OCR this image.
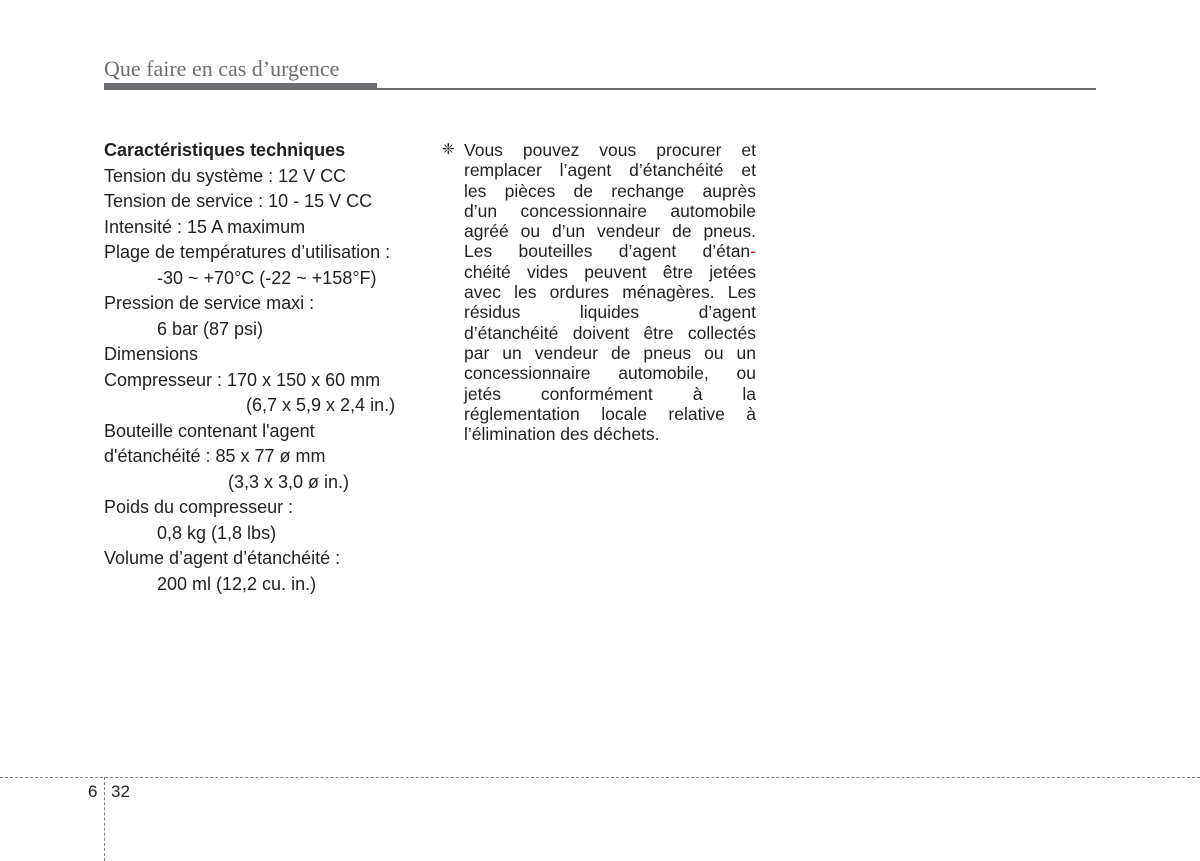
Que faire en cas d’urgence
Caractéristiques techniques
Tension du système : 12 V CC
Tension de service : 10 - 15 V CC
Intensité : 15 A maximum
Plage de températures d’utilisation :
-30 ~ +70°C (-22 ~ +158°F)
Pression de service maxi :
6 bar (87 psi)
Dimensions
Compresseur : 170 x 150 x 60 mm
(6,7 x 5,9 x 2,4 in.)
Bouteille contenant l'agent
d'étanchéité : 85 x 77 ø mm
(3,3 x 3,0 ø in.)
Poids du compresseur :
0,8 kg (1,8 lbs)
Volume d’agent d’étanchéité :
200 ml (12,2 cu. in.)
❈ Vous pouvez vous procurer et
remplacer l’agent d’étanchéité et
les pièces de rechange auprès
d’un concessionnaire automobile
agréé ou d’un vendeur de pneus.
Les bouteilles d’agent d’étan-
chéité vides peuvent être jetées
avec les ordures ménagères. Les
résidus liquides d’agent
d’étanchéité doivent être collectés
par un vendeur de pneus ou un
concessionnaire automobile, ou
jetés conformément à la
réglementation locale relative à
l’élimination des déchets.
6 32
